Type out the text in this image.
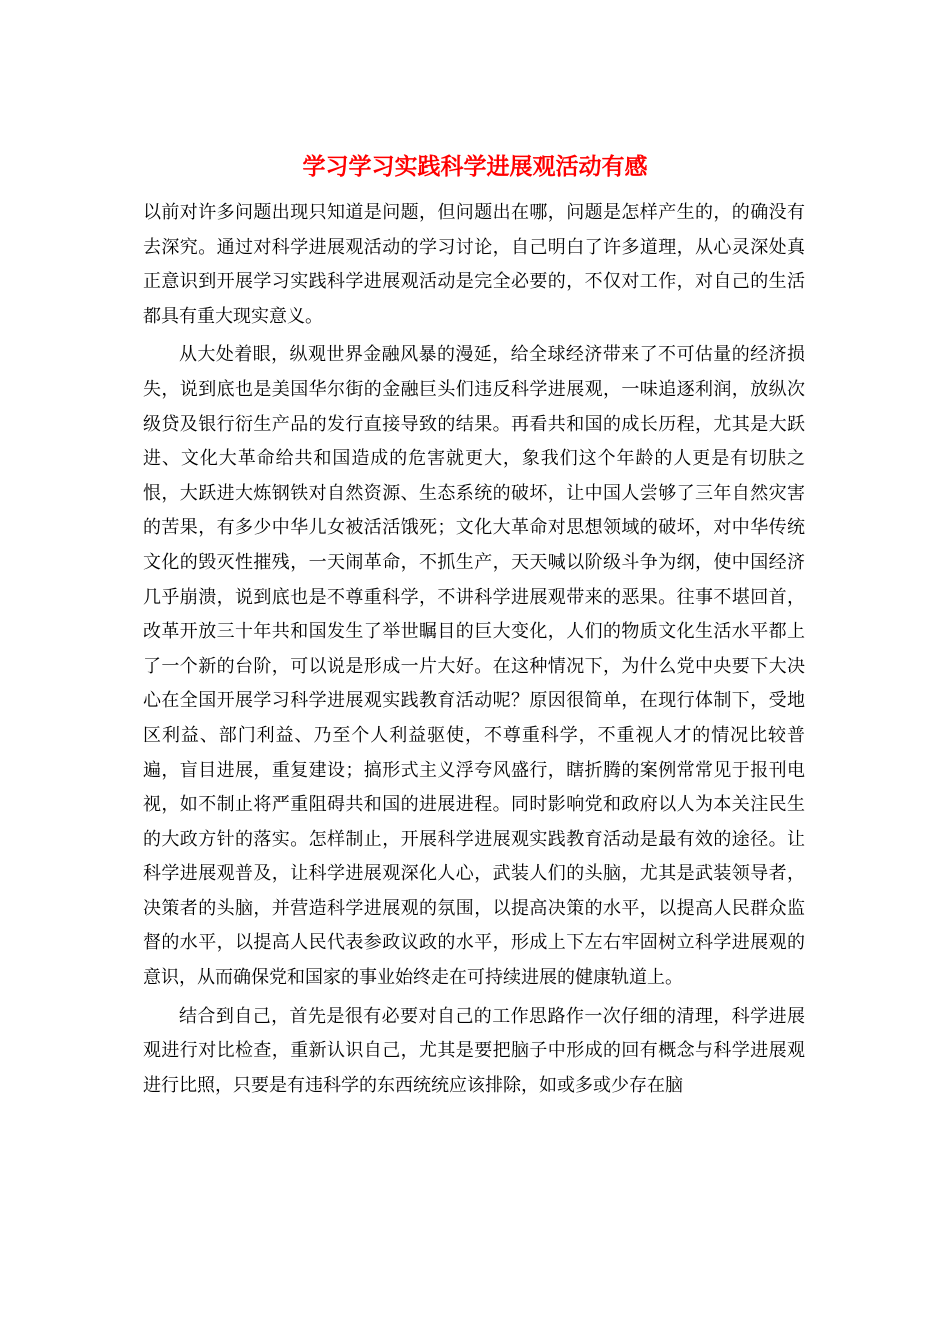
学习学习实践科学进展观活动有感

以前对许多问题出现只知道是问题，但问题出在哪，问题是怎样产生的，的确没有去深究。通过对科学进展观活动的学习讨论，自己明白了许多道理，从心灵深处真正意识到开展学习实践科学进展观活动是完全必要的，不仅对工作，对自己的生活都具有重大现实意义。

从大处着眼，纵观世界金融风暴的漫延，给全球经济带来了不可估量的经济损失，说到底也是美国华尔街的金融巨头们违反科学进展观，一味追逐利润，放纵次级贷及银行衍生产品的发行直接导致的结果。再看共和国的成长历程，尤其是大跃进、文化大革命给共和国造成的危害就更大，象我们这个年龄的人更是有切肤之恨，大跃进大炼钢铁对自然资源、生态系统的破坏，让中国人尝够了三年自然灾害的苦果，有多少中华儿女被活活饿死；文化大革命对思想领域的破坏，对中华传统文化的毁灭性摧残，一天闹革命，不抓生产，天天喊以阶级斗争为纲，使中国经济几乎崩溃，说到底也是不尊重科学，不讲科学进展观带来的恶果。往事不堪回首，改革开放三十年共和国发生了举世瞩目的巨大变化，人们的物质文化生活水平都上了一个新的台阶，可以说是形成一片大好。在这种情况下，为什么党中央要下大决心在全国开展学习科学进展观实践教育活动呢？原因很简单，在现行体制下，受地区利益、部门利益、乃至个人利益驱使，不尊重科学，不重视人才的情况比较普遍，盲目进展，重复建设；搞形式主义浮夸风盛行，瞎折腾的案例常常见于报刊电视，如不制止将严重阻碍共和国的进展进程。同时影响党和政府以人为本关注民生的大政方针的落实。怎样制止，开展科学进展观实践教育活动是最有效的途径。让科学进展观普及，让科学进展观深化人心，武装人们的头脑，尤其是武装领导者，决策者的头脑，并营造科学进展观的氛围，以提高决策的水平，以提高人民群众监督的水平，以提高人民代表参政议政的水平，形成上下左右牢固树立科学进展观的意识，从而确保党和国家的事业始终走在可持续进展的健康轨道上。

结合到自己，首先是很有必要对自己的工作思路作一次仔细的清理，科学进展观进行对比检查，重新认识自己，尤其是要把脑子中形成的回有概念与科学进展观进行比照，只要是有违科学的东西统统应该排除，如或多或少存在脑
